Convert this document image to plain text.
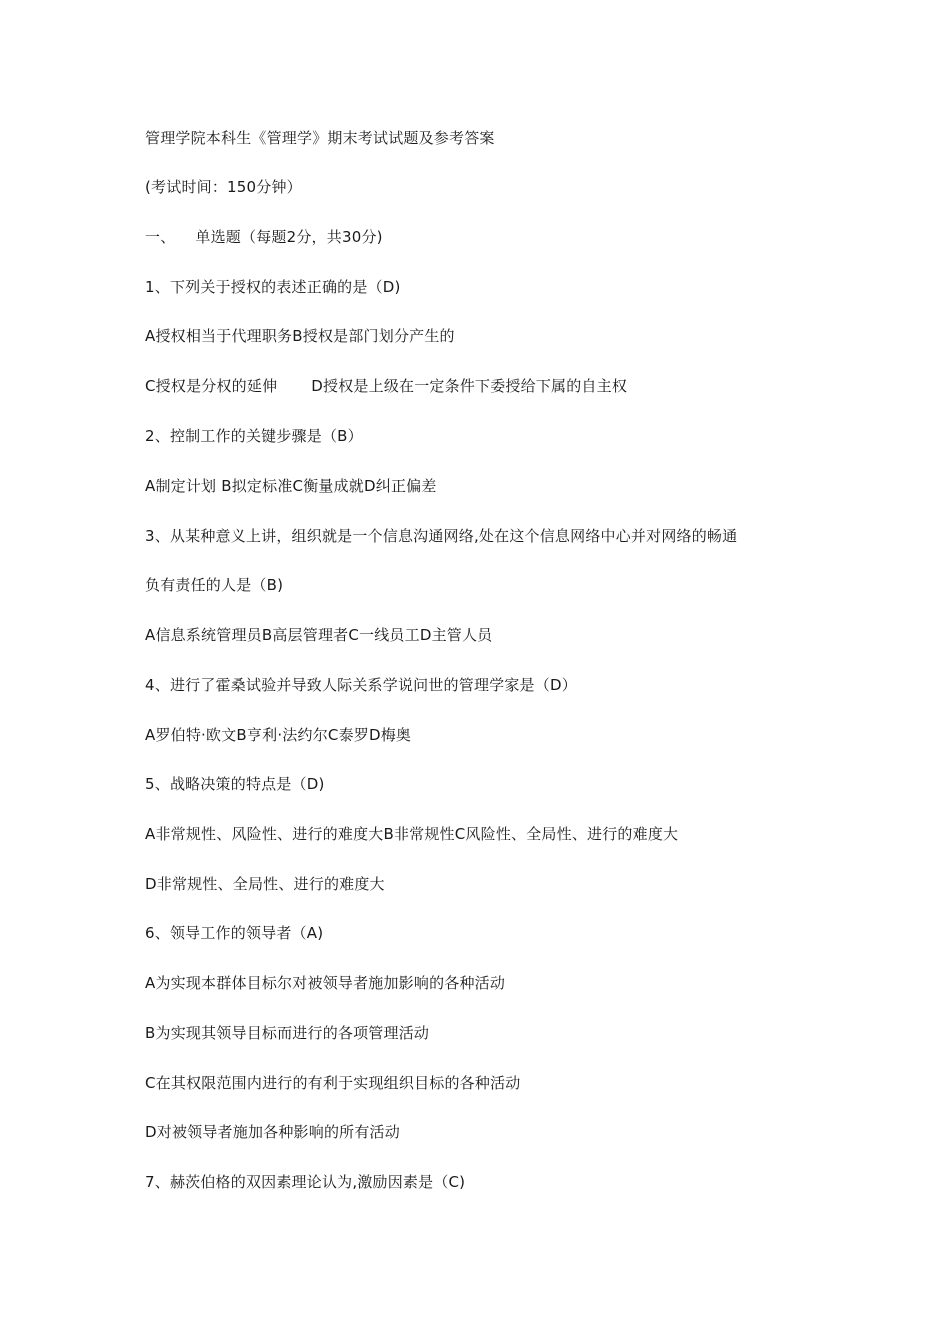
管理学院本科生《管理学》期末考试试题及参考答案
(考试时间：150分钟）
一、 单选题（每题2分，共30分)
1、下列关于授权的表述正确的是（D)
A授权相当于代理职务B授权是部门划分产生的
C授权是分权的延伸 D授权是上级在一定条件下委授给下属的自主权
2、控制工作的关键步骤是（B）
A制定计划 B拟定标准C衡量成就D纠正偏差
3、从某种意义上讲，组织就是一个信息沟通网络,处在这个信息网络中心并对网络的畅通
负有责任的人是（B)
A信息系统管理员B高层管理者C一线员工D主管人员
4、进行了霍桑试验并导致人际关系学说问世的管理学家是（D）
A罗伯特·欧文B亨利·法约尔C泰罗D梅奥
5、战略决策的特点是（D)
A非常规性、风险性、进行的难度大B非常规性C风险性、全局性、进行的难度大
D非常规性、全局性、进行的难度大
6、领导工作的领导者（A)
A为实现本群体目标尔对被领导者施加影响的各种活动
B为实现其领导目标而进行的各项管理活动
C在其权限范围内进行的有利于实现组织目标的各种活动
D对被领导者施加各种影响的所有活动
7、赫茨伯格的双因素理论认为,激励因素是（C)
